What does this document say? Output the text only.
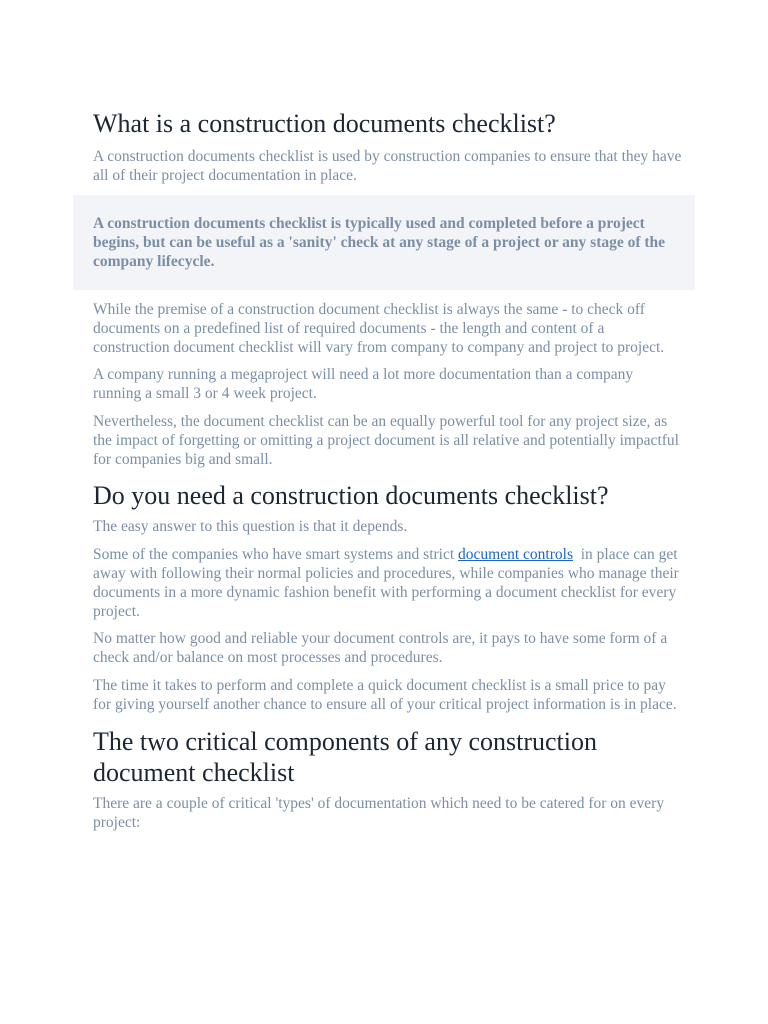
What is a construction documents checklist?

A construction documents checklist is used by construction companies to ensure that they have all of their project documentation in place.

A construction documents checklist is typically used and completed before a project begins, but can be useful as a 'sanity' check at any stage of a project or any stage of the company lifecycle.

While the premise of a construction document checklist is always the same - to check off documents on a predefined list of required documents - the length and content of a construction document checklist will vary from company to company and project to project.

A company running a megaproject will need a lot more documentation than a company running a small 3 or 4 week project.

Nevertheless, the document checklist can be an equally powerful tool for any project size, as the impact of forgetting or omitting a project document is all relative and potentially impactful for companies big and small.

Do you need a construction documents checklist?

The easy answer to this question is that it depends.

Some of the companies who have smart systems and strict document controls  in place can get away with following their normal policies and procedures, while companies who manage their documents in a more dynamic fashion benefit with performing a document checklist for every project.

No matter how good and reliable your document controls are, it pays to have some form of a check and/or balance on most processes and procedures.

The time it takes to perform and complete a quick document checklist is a small price to pay for giving yourself another chance to ensure all of your critical project information is in place.

The two critical components of any construction document checklist

There are a couple of critical 'types' of documentation which need to be catered for on every project:
